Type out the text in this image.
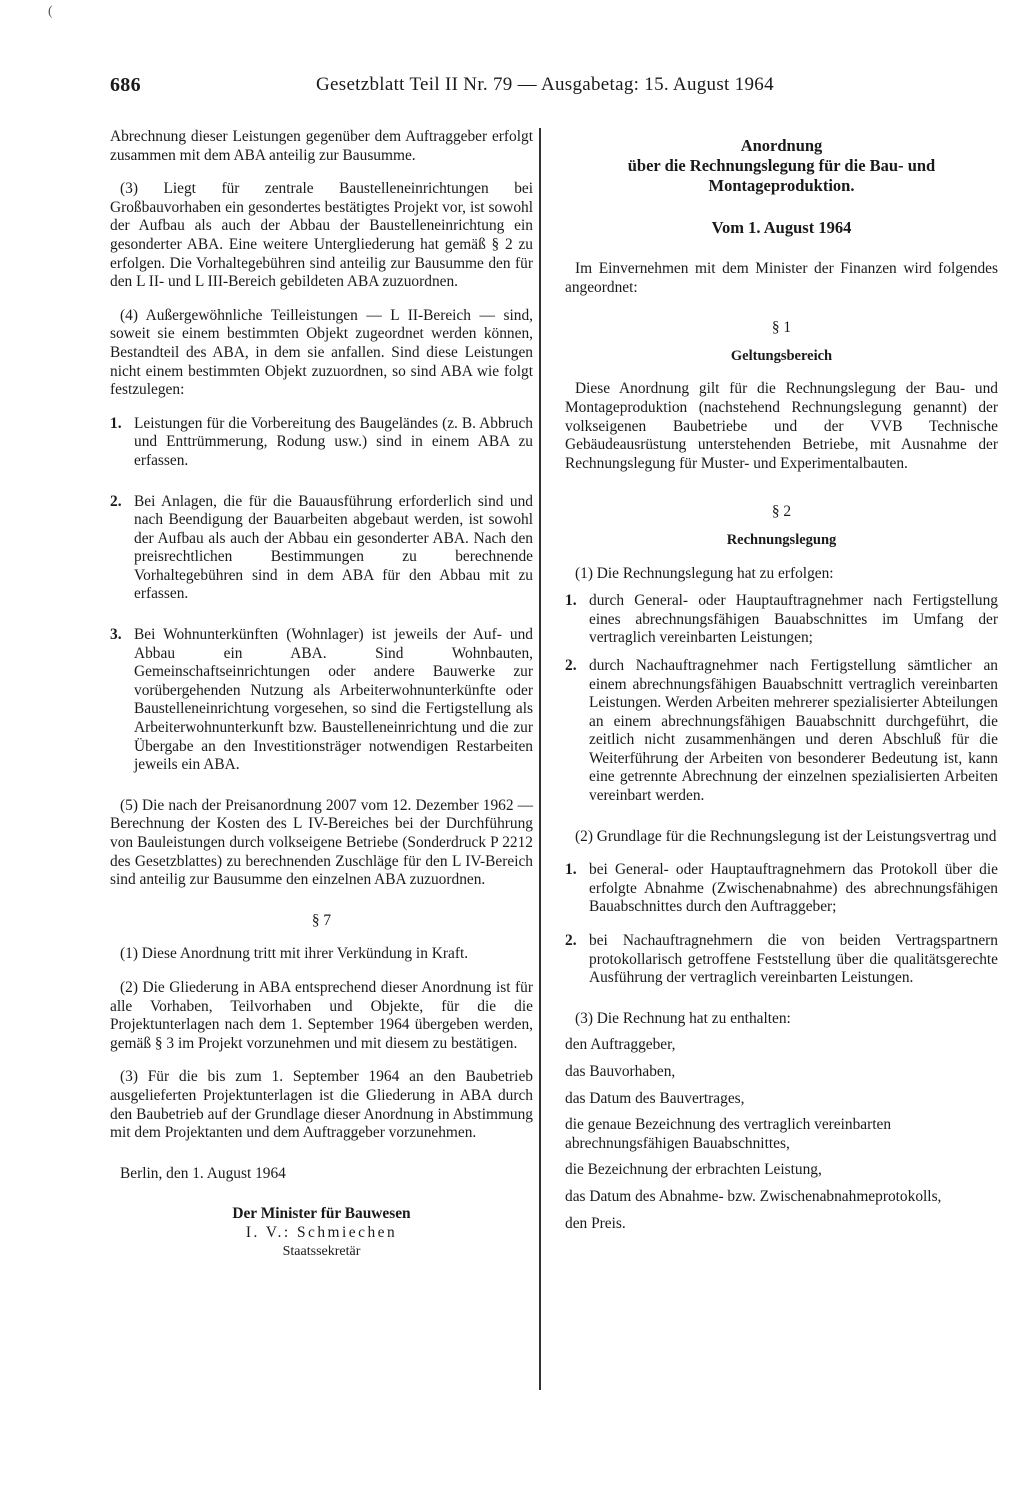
(
686	Gesetzblatt Teil II Nr. 79 — Ausgabetag: 15. August 1964

Abrechnung dieser Leistungen gegenüber dem Auftraggeber erfolgt zusammen mit dem ABA anteilig zur Bausumme.

(3) Liegt für zentrale Baustelleneinrichtungen bei Großbauvorhaben ein gesondertes bestätigtes Projekt vor, ist sowohl der Aufbau als auch der Abbau der Baustelleneinrichtung ein gesonderter ABA. Eine weitere Untergliederung hat gemäß § 2 zu erfolgen. Die Vorhaltegebühren sind anteilig zur Bausumme den für den L II- und L III-Bereich gebildeten ABA zuzuordnen.

(4) Außergewöhnliche Teilleistungen — L II-Bereich — sind, soweit sie einem bestimmten Objekt zugeordnet werden können, Bestandteil des ABA, in dem sie anfallen. Sind diese Leistungen nicht einem bestimmten Objekt zuzuordnen, so sind ABA wie folgt festzulegen:

1. Leistungen für die Vorbereitung des Baugeländes (z. B. Abbruch und Enttrümmerung, Rodung usw.) sind in einem ABA zu erfassen.

2. Bei Anlagen, die für die Bauausführung erforderlich sind und nach Beendigung der Bauarbeiten abgebaut werden, ist sowohl der Aufbau als auch der Abbau ein gesonderter ABA. Nach den preisrechtlichen Bestimmungen zu berechnende Vorhaltegebühren sind in dem ABA für den Abbau mit zu erfassen.

3. Bei Wohnunterkünften (Wohnlager) ist jeweils der Auf- und Abbau ein ABA. Sind Wohnbauten, Gemeinschaftseinrichtungen oder andere Bauwerke zur vorübergehenden Nutzung als Arbeiterwohnunterkünfte oder Baustelleneinrichtung vorgesehen, so sind die Fertigstellung als Arbeiterwohnunterkunft bzw. Baustelleneinrichtung und die zur Übergabe an den Investitionsträger notwendigen Restarbeiten jeweils ein ABA.

(5) Die nach der Preisanordnung 2007 vom 12. Dezember 1962 — Berechnung der Kosten des L IV-Bereiches bei der Durchführung von Bauleistungen durch volkseigene Betriebe (Sonderdruck P 2212 des Gesetzblattes) zu berechnenden Zuschläge für den L IV-Bereich sind anteilig zur Bausumme den einzelnen ABA zuzuordnen.

§ 7

(1) Diese Anordnung tritt mit ihrer Verkündung in Kraft.

(2) Die Gliederung in ABA entsprechend dieser Anordnung ist für alle Vorhaben, Teilvorhaben und Objekte, für die die Projektunterlagen nach dem 1. September 1964 übergeben werden, gemäß § 3 im Projekt vorzunehmen und mit diesem zu bestätigen.

(3) Für die bis zum 1. September 1964 an den Baubetrieb ausgelieferten Projektunterlagen ist die Gliederung in ABA durch den Baubetrieb auf der Grundlage dieser Anordnung in Abstimmung mit dem Projektanten und dem Auftraggeber vorzunehmen.

Berlin, den 1. August 1964

Der Minister für Bauwesen

I. V.: Schmiechen

Staatssekretär

Anordnung

über die Rechnungslegung für die Bau- und Montageproduktion.

Vom 1. August 1964

Im Einvernehmen mit dem Minister der Finanzen wird folgendes angeordnet:

§ 1

Geltungsbereich

Diese Anordnung gilt für die Rechnungslegung der Bau- und Montageproduktion (nachstehend Rechnungslegung genannt) der volkseigenen Baubetriebe und der VVB Technische Gebäudeausrüstung unterstehenden Betriebe, mit Ausnahme der Rechnungslegung für Muster- und Experimentalbauten.

§ 2

Rechnungslegung

(1) Die Rechnungslegung hat zu erfolgen:

1. durch General- oder Hauptauftragnehmer nach Fertigstellung eines abrechnungsfähigen Bauabschnittes im Umfang der vertraglich vereinbarten Leistungen;

2. durch Nachauftragnehmer nach Fertigstellung sämtlicher an einem abrechnungsfähigen Bauabschnitt vertraglich vereinbarten Leistungen. Werden Arbeiten mehrerer spezialisierter Abteilungen an einem abrechnungsfähigen Bauabschnitt durchgeführt, die zeitlich nicht zusammenhängen und deren Abschluß für die Weiterführung der Arbeiten von besonderer Bedeutung ist, kann eine getrennte Abrechnung der einzelnen spezialisierten Arbeiten vereinbart werden.

(2) Grundlage für die Rechnungslegung ist der Leistungsvertrag und

1. bei General- oder Hauptauftragnehmern das Protokoll über die erfolgte Abnahme (Zwischenabnahme) des abrechnungsfähigen Bauabschnittes durch den Auftraggeber;

2. bei Nachauftragnehmern die von beiden Vertragspartnern protokollarisch getroffene Feststellung über die qualitätsgerechte Ausführung der vertraglich vereinbarten Leistungen.

(3) Die Rechnung hat zu enthalten:

den Auftraggeber,

das Bauvorhaben,

das Datum des Bauvertrages,

die genaue Bezeichnung des vertraglich vereinbarten abrechnungsfähigen Bauabschnittes,

die Bezeichnung der erbrachten Leistung,

das Datum des Abnahme- bzw. Zwischenabnahmeprotokolls,

den Preis.
